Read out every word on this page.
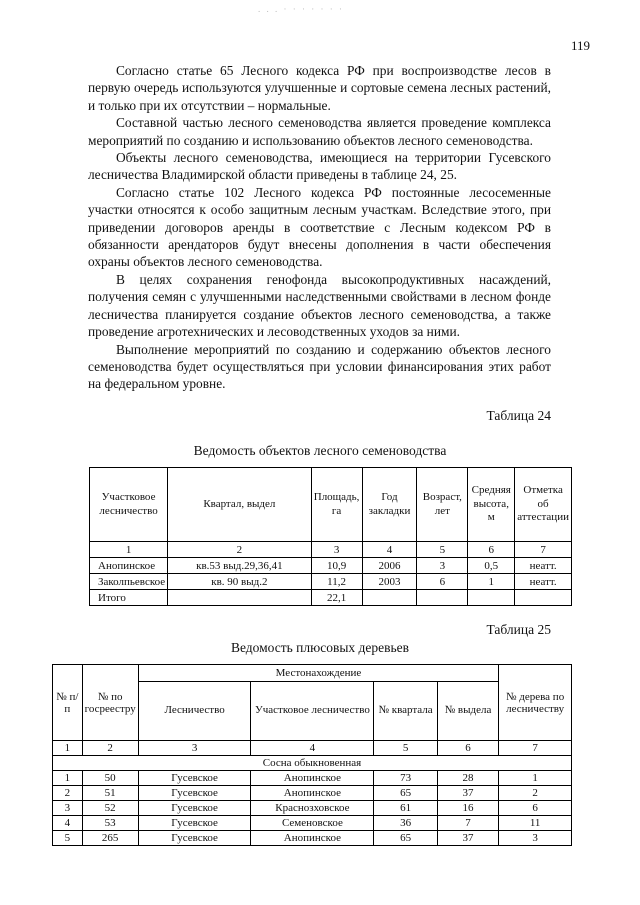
. . . · · · · · · ·
119

Согласно статье 65 Лесного кодекса РФ при воспроизводстве лесов в первую очередь используются улучшенные и сортовые семена лесных растений, и только при их отсутствии – нормальные.

Составной частью лесного семеноводства является проведение комплекса мероприятий по созданию и использованию объектов лесного семеноводства.

Объекты лесного семеноводства, имеющиеся на территории Гусевского лесничества Владимирской области приведены в таблице 24, 25.

Согласно статье 102 Лесного кодекса РФ постоянные лесосеменные участки относятся к особо защитным лесным участкам. Вследствие этого, при приведении договоров аренды в соответствие с Лесным кодексом РФ в обязанности арендаторов будут внесены дополнения в части обеспечения охраны объектов лесного семеноводства.

В целях сохранения генофонда высокопродуктивных насаждений, получения семян с улучшенными наследственными свойствами в лесном фонде лесничества планируется создание объектов лесного семеноводства, а также проведение агротехнических и лесоводственных уходов за ними.

Выполнение мероприятий по созданию и содержанию объектов лесного семеноводства будет осуществляться при условии финансирования этих работ на федеральном уровне.

Таблица 24
Ведомость объектов лесного семеноводства
Участковое лесничество	Квартал, выдел	Площадь, га	Год закладки	Возраст, лет	Средняя высота, м	Отметка об аттестации
1	2	3	4	5	6	7
Анопинское	кв.53 выд.29,36,41	10,9	2006	3	0,5	неатт.
Заколпьевское	кв. 90 выд.2	11,2	2003	6	1	неатт.
Итого		22,1				
Таблица 25
Ведомость плюсовых деревьев
№ п/п	№ по госреестру	Местонахождение				№ дерева по лесничеству
		Лесничество	Участковое лесничество	№ квартала	№ выдела	
1	2	3	4	5	6	7
Сосна обыкновенная						
1	50	Гусевское	Анопинское	73	28	1
2	51	Гусевское	Анопинское	65	37	2
3	52	Гусевское	Краснозховское	61	16	6
4	53	Гусевское	Семеновское	36	7	11
5	265	Гусевское	Анопинское	65	37	3
